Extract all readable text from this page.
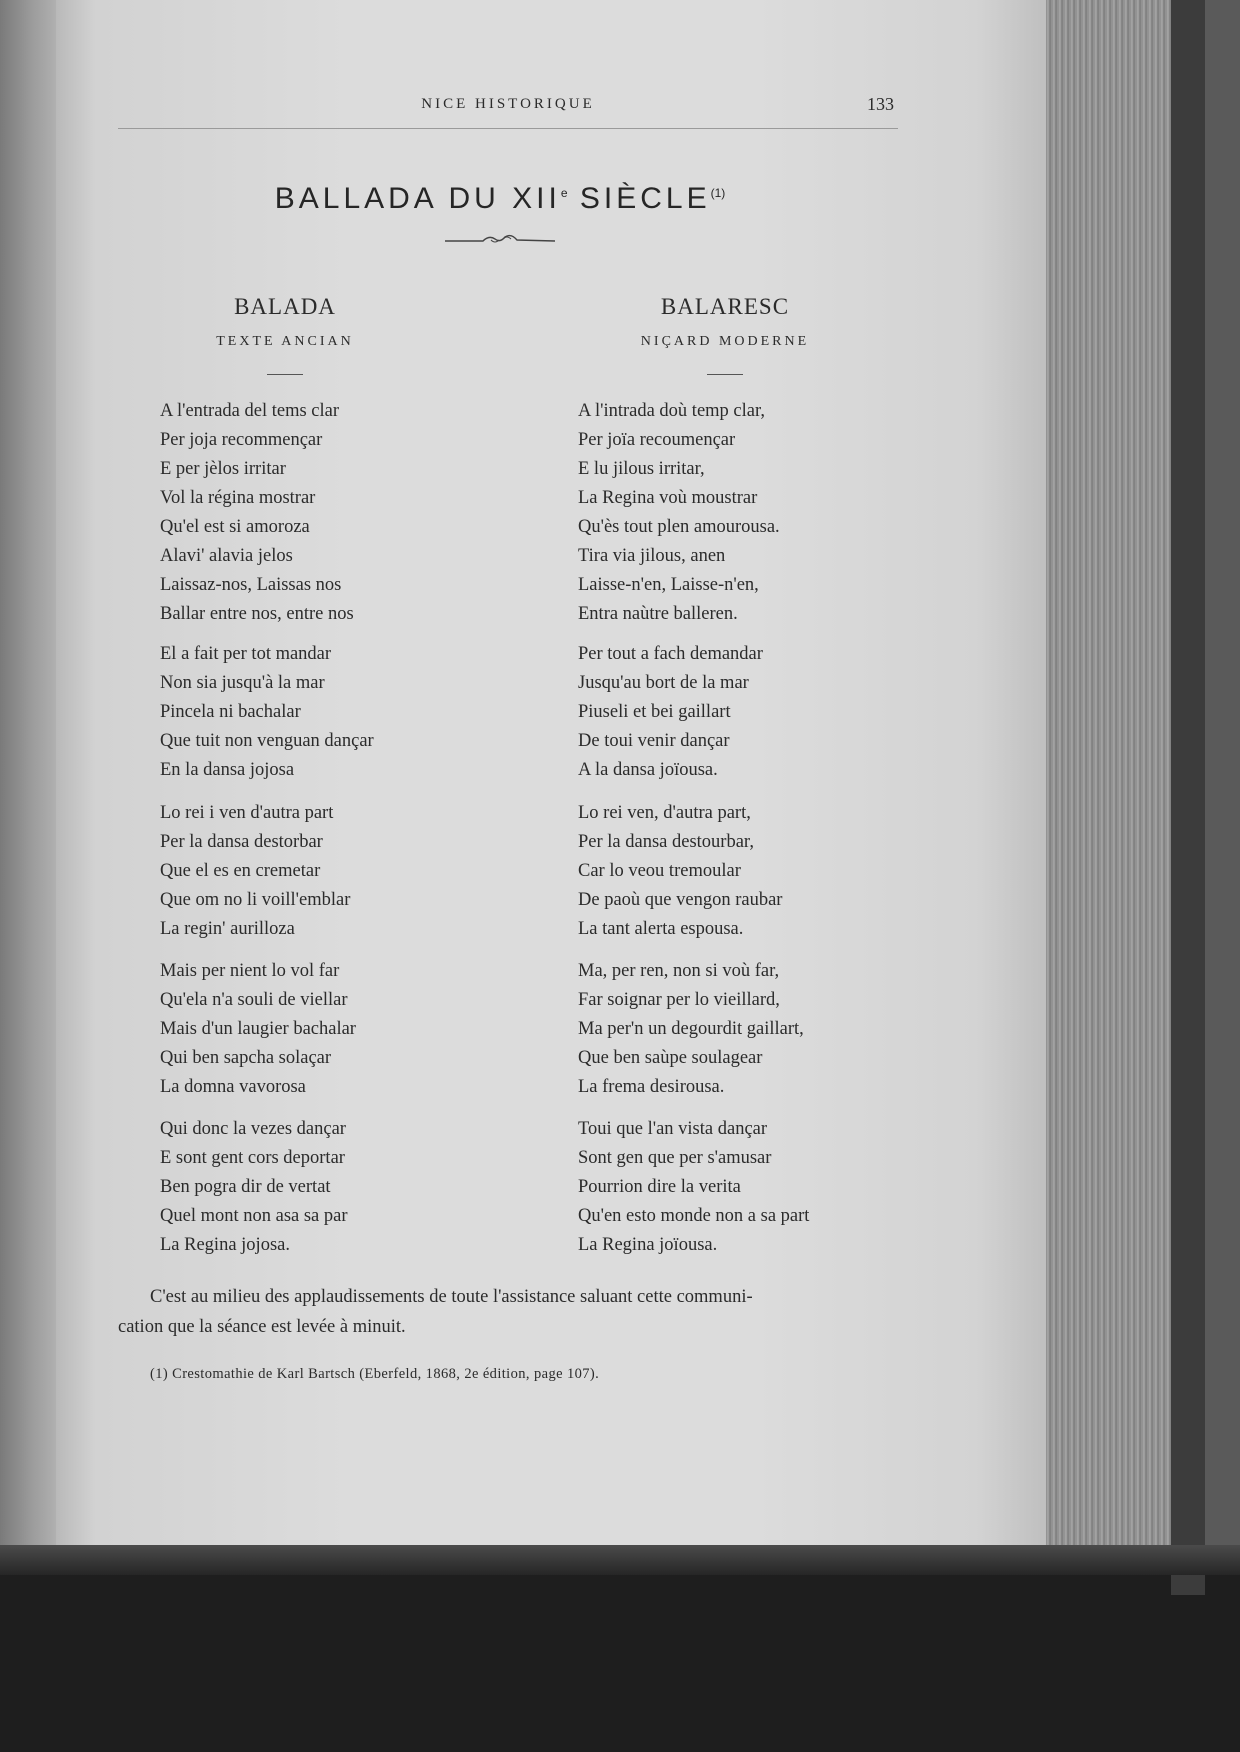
NICE HISTORIQUE	133
BALLADA DU XIIe SIÈCLE$^{(1)}$
BALADA
TEXTE ANCIAN
BALARESC
NIÇARD MODERNE
A l'entrada del tems clar
Per joja recommençar
E per jèlos irritar
Vol la régina mostrar
Qu'el est si amoroza
Alavi' alavia jelos
Laissaz-nos, Laissas nos
Ballar entre nos, entre nos
El a fait per tot mandar
Non sia jusqu'à la mar
Pincela ni bachalar
Que tuit non venguan dançar
En la dansa jojosa
Lo rei i ven d'autra part
Per la dansa destorbar
Que el es en cremetar
Que om no li voill'emblar
La regin' aurilloza
Mais per nient lo vol far
Qu'ela n'a souli de viellar
Mais d'un laugier bachalar
Qui ben sapcha solaçar
La domna vavorosa
Qui donc la vezes dançar
E sont gent cors deportar
Ben pogra dir de vertat
Quel mont non asa sa par
La Regina jojosa.
A l'intrada doù temp clar,
Per joïa recoumençar
E lu jilous irritar,
La Regina voù moustrar
Qu'ès tout plen amourousa.
Tira via jilous, anen
Laisse-n'en, Laisse-n'en,
Entra naùtre balleren.
Per tout a fach demandar
Jusqu'au bort de la mar
Piuseli et bei gaillart
De toui venir dançar
A la dansa joïousa.
Lo rei ven, d'autra part,
Per la dansa destourbar,
Car lo veou tremoular
De paoù que vengon raubar
La tant alerta espousa.
Ma, per ren, non si voù far,
Far soignar per lo vieillard,
Ma per'n un degourdit gaillart,
Que ben saùpe soulagear
La frema desirousa.
Toui que l'an vista dançar
Sont gen que per s'amusar
Pourrion dire la verita
Qu'en esto monde non a sa part
La Regina joïousa.
C'est au milieu des applaudissements de toute l'assistance saluant cette communi-
cation que la séance est levée à minuit.
(1) Crestomathie de Karl Bartsch (Eberfeld, 1868, 2e édition, page 107).
